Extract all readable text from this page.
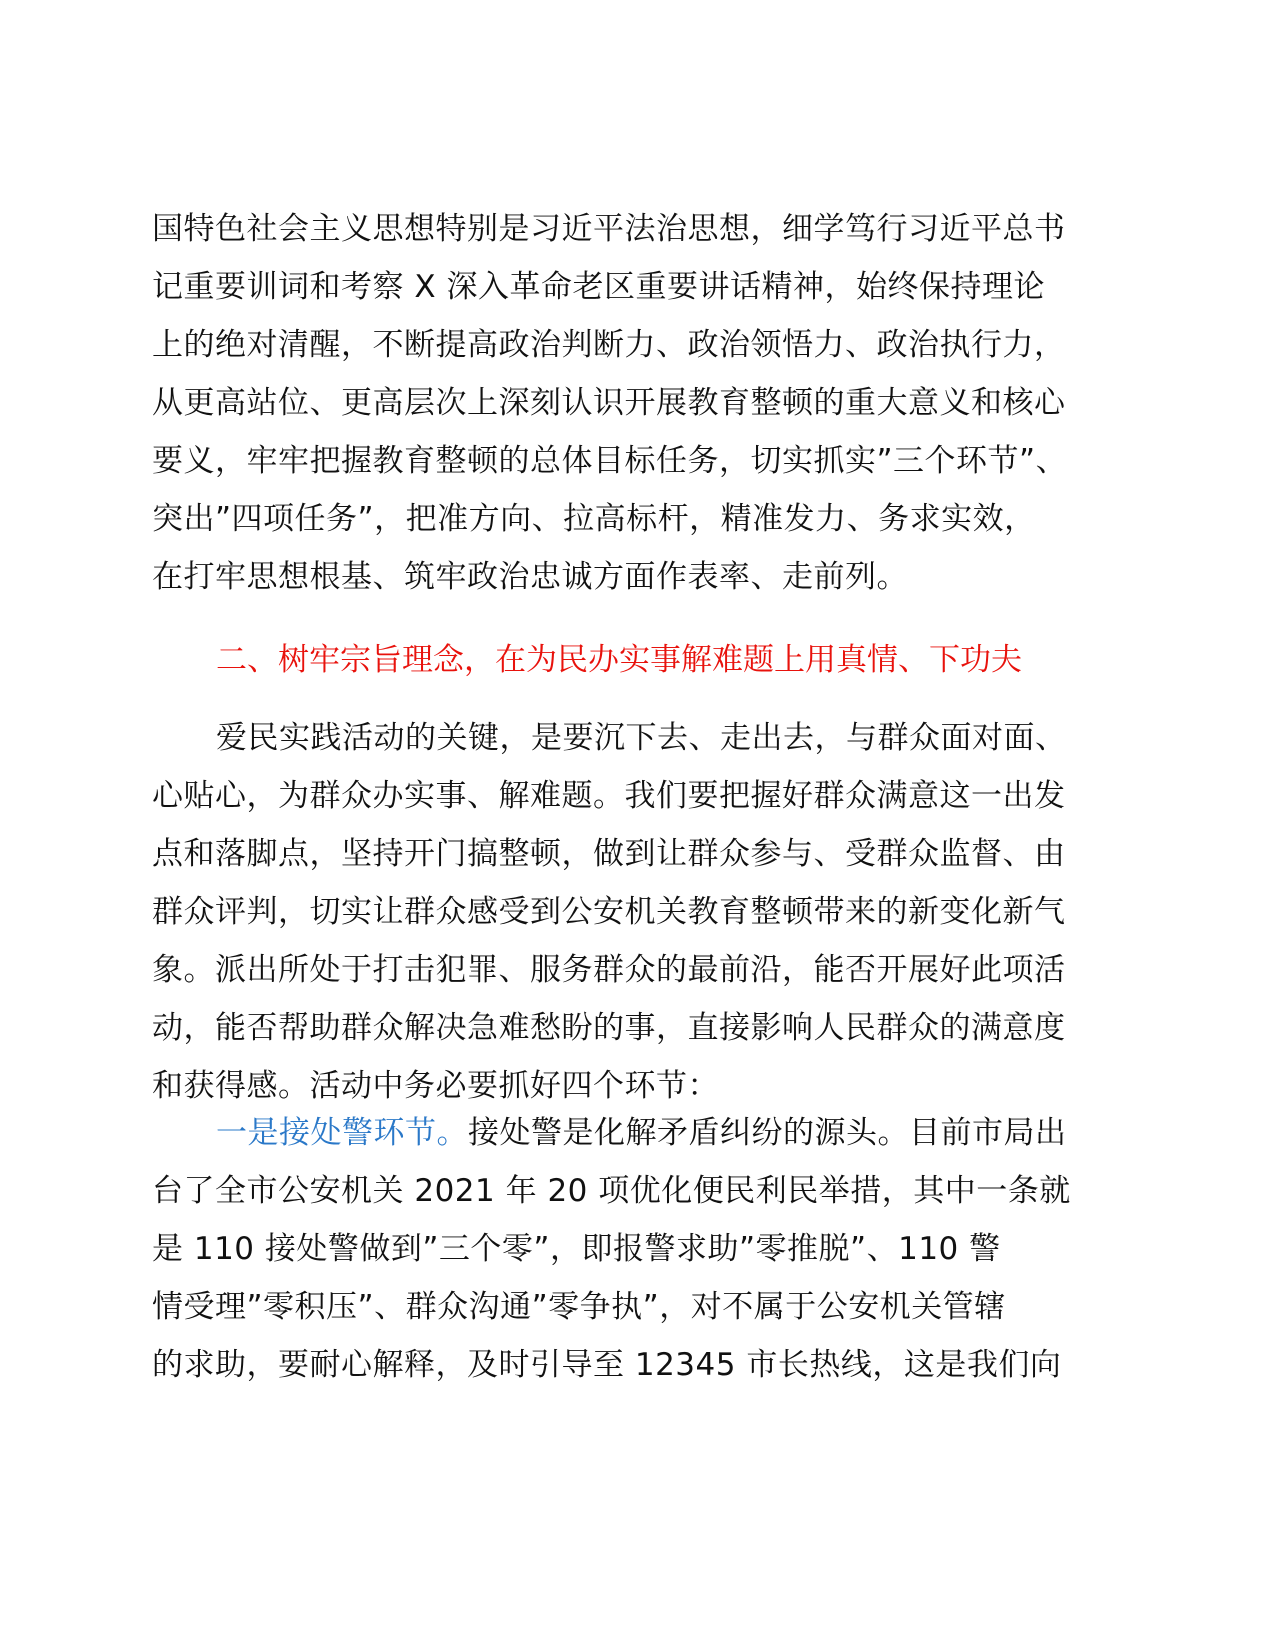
国特色社会主义思想特别是习近平法治思想，细学笃行习近平总书
记重要训词和考察 X 深入革命老区重要讲话精神，始终保持理论
上的绝对清醒，不断提高政治判断力、政治领悟力、政治执行力，
从更高站位、更高层次上深刻认识开展教育整顿的重大意义和核心
要义，牢牢把握教育整顿的总体目标任务，切实抓实”三个环节”、
突出”四项任务”，把准方向、拉高标杆，精准发力、务求实效，
在打牢思想根基、筑牢政治忠诚方面作表率、走前列。
二、树牢宗旨理念，在为民办实事解难题上用真情、下功夫
爱民实践活动的关键，是要沉下去、走出去，与群众面对面、
心贴心，为群众办实事、解难题。我们要把握好群众满意这一出发
点和落脚点，坚持开门搞整顿，做到让群众参与、受群众监督、由
群众评判，切实让群众感受到公安机关教育整顿带来的新变化新气
象。派出所处于打击犯罪、服务群众的最前沿，能否开展好此项活
动，能否帮助群众解决急难愁盼的事，直接影响人民群众的满意度
和获得感。活动中务必要抓好四个环节：
一是接处警环节。接处警是化解矛盾纠纷的源头。目前市局出
台了全市公安机关 2021 年 20 项优化便民利民举措，其中一条就
是 110 接处警做到”三个零”，即报警求助”零推脱”、110 警
情受理”零积压”、群众沟通”零争执”，对不属于公安机关管辖
的求助，要耐心解释，及时引导至 12345 市长热线，这是我们向
